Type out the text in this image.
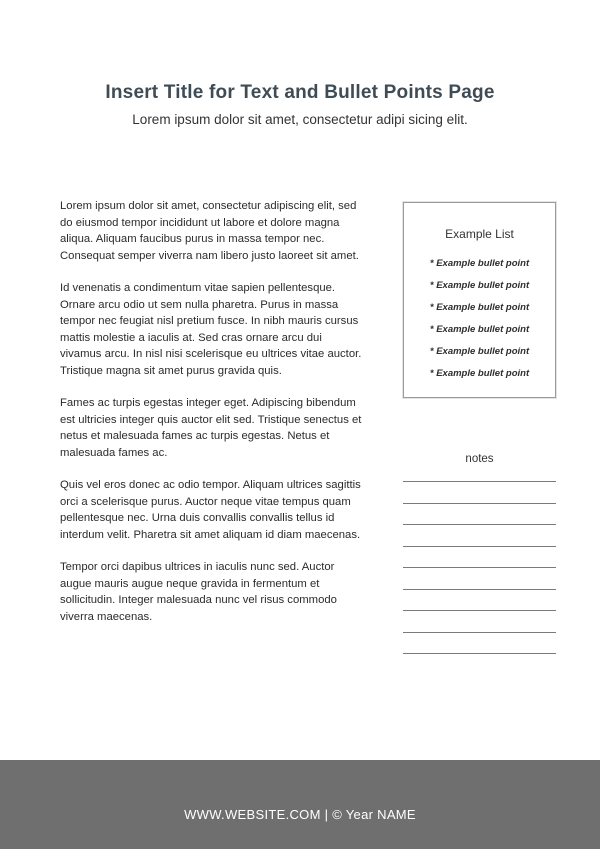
Insert Title for Text and Bullet Points Page

Lorem ipsum dolor sit amet, consectetur adipi sicing elit.

Lorem ipsum dolor sit amet, consectetur adipiscing elit, sed do eiusmod tempor incididunt ut labore et dolore magna aliqua. Aliquam faucibus purus in massa tempor nec. Consequat semper viverra nam libero justo laoreet sit amet.

Id venenatis a condimentum vitae sapien pellentesque. Ornare arcu odio ut sem nulla pharetra. Purus in massa tempor nec feugiat nisl pretium fusce. In nibh mauris cursus mattis molestie a iaculis at. Sed cras ornare arcu dui vivamus arcu. In nisl nisi scelerisque eu ultrices vitae auctor. Tristique magna sit amet purus gravida quis.

Fames ac turpis egestas integer eget. Adipiscing bibendum est ultricies integer quis auctor elit sed. Tristique senectus et netus et malesuada fames ac turpis egestas. Netus et malesuada fames ac.

Quis vel eros donec ac odio tempor. Aliquam ultrices sagittis orci a scelerisque purus. Auctor neque vitae tempus quam pellentesque nec. Urna duis convallis convallis tellus id interdum velit. Pharetra sit amet aliquam id diam maecenas.

Tempor orci dapibus ultrices in iaculis nunc sed. Auctor augue mauris augue neque gravida in fermentum et sollicitudin. Integer malesuada nunc vel risus commodo viverra maecenas.

Example List
* Example bullet point
* Example bullet point
* Example bullet point
* Example bullet point
* Example bullet point
* Example bullet point
notes
WWW.WEBSITE.COM | © Year NAME
